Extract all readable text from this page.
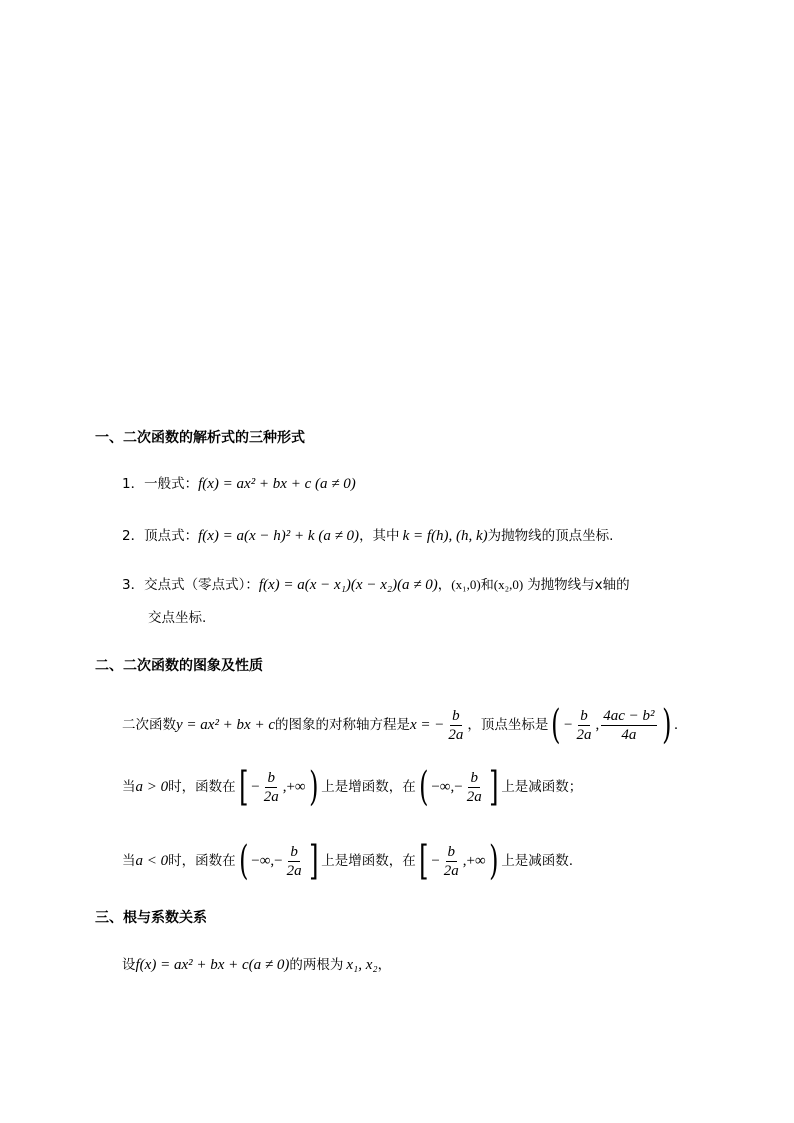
一、二次函数的解析式的三种形式
1．一般式： f(x) = ax² + bx + c (a ≠ 0)
2．顶点式： f(x) = a(x − h)² + k (a ≠ 0) ，其中 k = f(h), (h, k) 为抛物线的顶点坐标.
3．交点式（零点式）： f(x) = a(x − x₁)(x − x₂)(a ≠ 0) ， (x₁,0)和(x₂,0) 为抛物线与x轴的
交点坐标.
二、二次函数的图象及性质
二次函数 y = ax² + bx + c 的图象的对称轴方程是 x = − $\frac{b}{2a}$ ，顶点坐标是 ( − $\frac{b}{2a}$ , $\frac{\text{4ac − b²}}{4a}$ ) .
当 a > 0 时，函数在 [ − $\frac{b}{2a}$ ,+∞ ) 上是增函数，在 ( −∞,− $\frac{b}{2a}$ ] 上是减函数；
当 a < 0 时，函数在 ( −∞,− $\frac{b}{2a}$ ] 上是增函数，在 [ − $\frac{b}{2a}$ ,+∞ ) 上是减函数.
三、根与系数关系
设 f(x) = ax² + bx + c(a ≠ 0) 的两根为 x₁, x₂ ，
